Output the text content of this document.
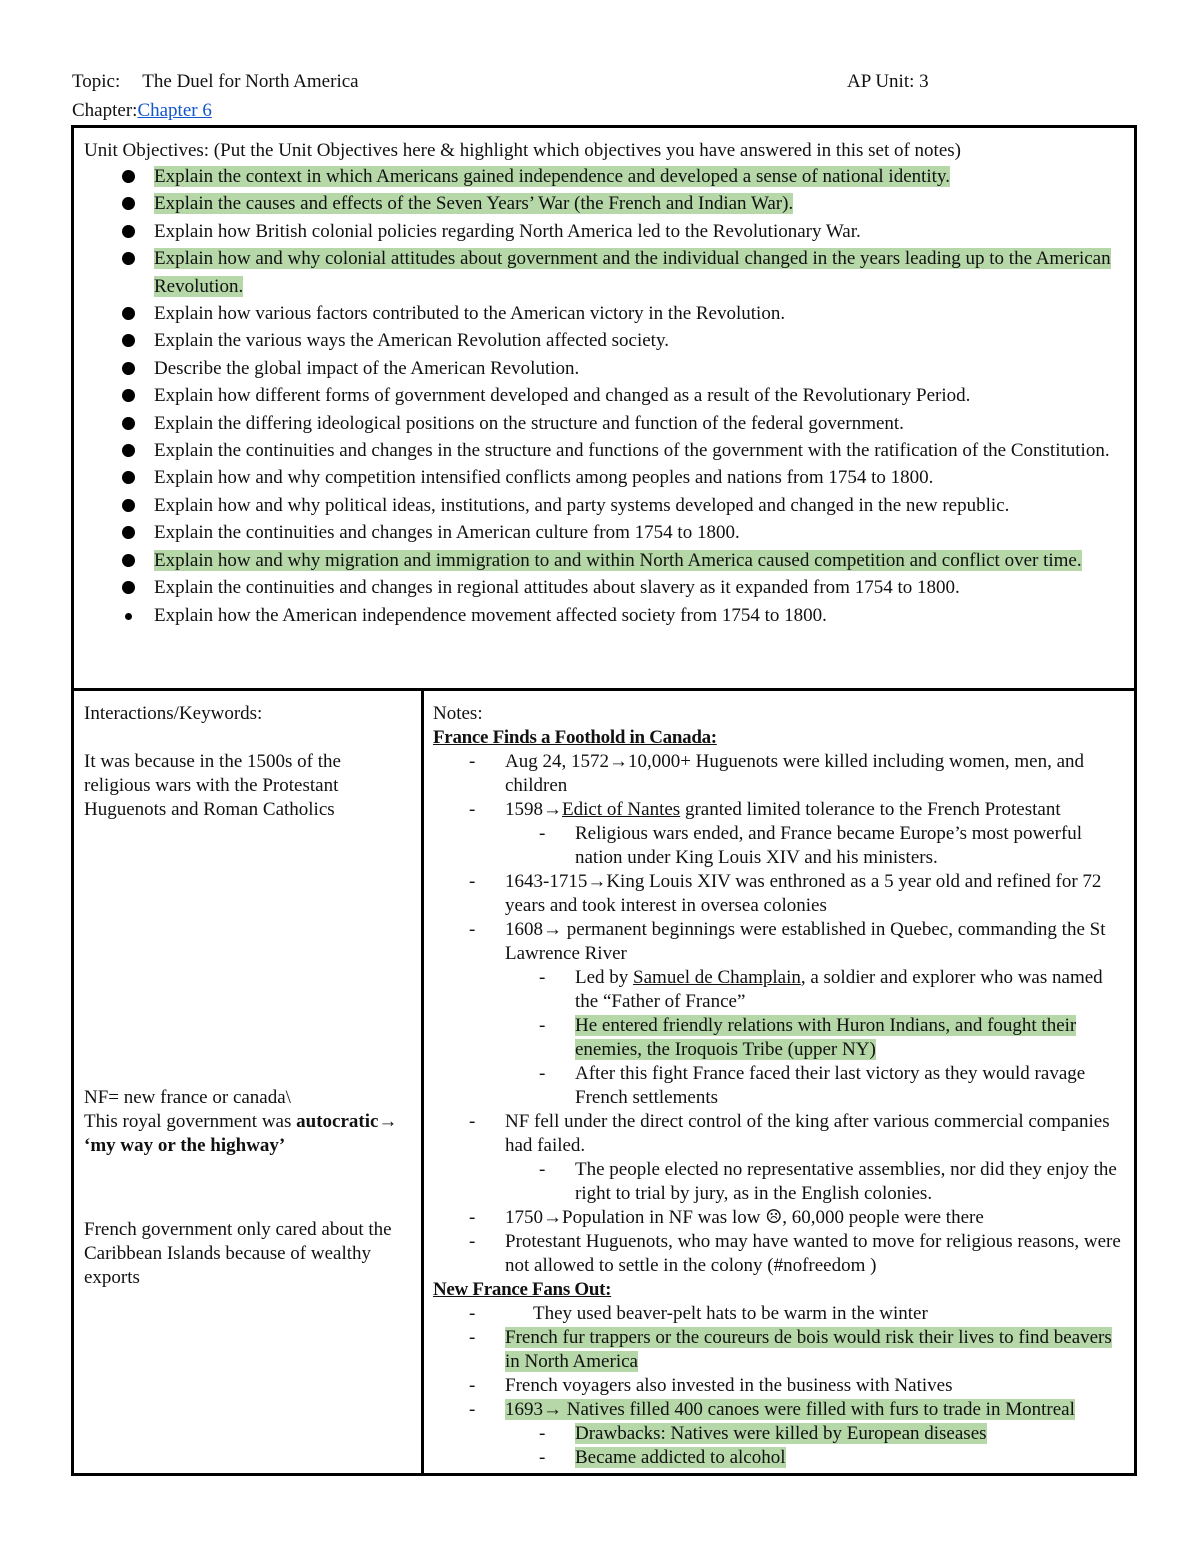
Topic: The Duel for North America	AP Unit: 3
Chapter:Chapter 6
Unit Objectives: (Put the Unit Objectives here & highlight which objectives you have answered in this set of notes)
Explain the context in which Americans gained independence and developed a sense of national identity.
Explain the causes and effects of the Seven Years’ War (the French and Indian War).
Explain how British colonial policies regarding North America led to the Revolutionary War.
Explain how and why colonial attitudes about government and the individual changed in the years leading up to the American Revolution.
Explain how various factors contributed to the American victory in the Revolution.
Explain the various ways the American Revolution affected society.
Describe the global impact of the American Revolution.
Explain how different forms of government developed and changed as a result of the Revolutionary Period.
Explain the differing ideological positions on the structure and function of the federal government.
Explain the continuities and changes in the structure and functions of the government with the ratification of the Constitution.
Explain how and why competition intensified conflicts among peoples and nations from 1754 to 1800.
Explain how and why political ideas, institutions, and party systems developed and changed in the new republic.
Explain the continuities and changes in American culture from 1754 to 1800.
Explain how and why migration and immigration to and within North America caused competition and conflict over time.
Explain the continuities and changes in regional attitudes about slavery as it expanded from 1754 to 1800.
Explain how the American independence movement affected society from 1754 to 1800.
Interactions/Keywords:
It was because in the 1500s of the religious wars with the Protestant Huguenots and Roman Catholics
NF= new france or canada\
This royal government was autocratic→
‘my way or the highway’
French government only cared about the Caribbean Islands because of wealthy exports
Notes:
France Finds a Foothold in Canada:
- Aug 24, 1572→10,000+ Huguenots were killed including women, men, and children
- 1598→Edict of Nantes granted limited tolerance to the French Protestant
- Religious wars ended, and France became Europe’s most powerful nation under King Louis XIV and his ministers.
- 1643-1715→King Louis XIV was enthroned as a 5 year old and refined for 72 years and took interest in oversea colonies
- 1608→ permanent beginnings were established in Quebec, commanding the St Lawrence River
- Led by Samuel de Champlain, a soldier and explorer who was named the “Father of France”
- He entered friendly relations with Huron Indians, and fought their enemies, the Iroquois Tribe (upper NY)
- After this fight France faced their last victory as they would ravage French settlements
- NF fell under the direct control of the king after various commercial companies had failed.
- The people elected no representative assemblies, nor did they enjoy the right to trial by jury, as in the English colonies.
- 1750→Population in NF was low ☹, 60,000 people were there
- Protestant Huguenots, who may have wanted to move for religious reasons, were not allowed to settle in the colony (#nofreedom )
New France Fans Out:
-	They used beaver-pelt hats to be warm in the winter
- French fur trappers or the coureurs de bois would risk their lives to find beavers in North America
- French voyagers also invested in the business with Natives
- 1693→ Natives filled 400 canoes were filled with furs to trade in Montreal
- Drawbacks: Natives were killed by European diseases
- Became addicted to alcohol
